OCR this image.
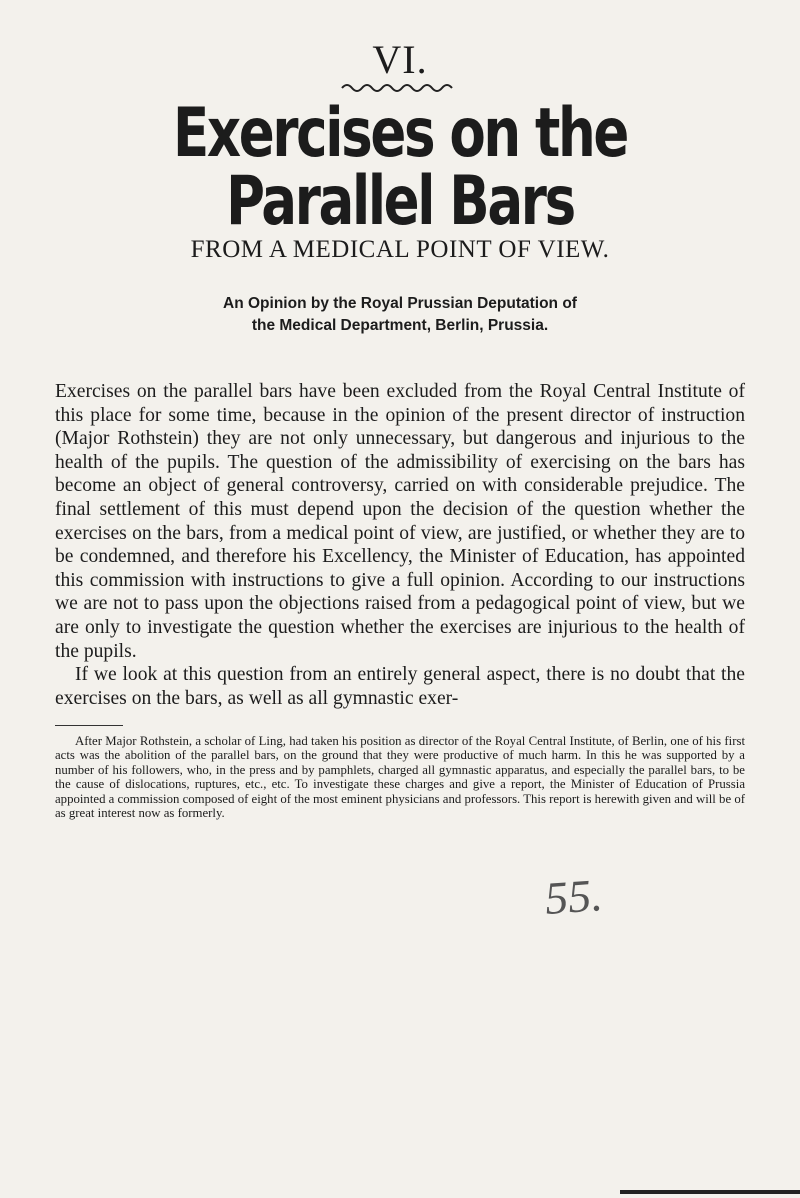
VI.
Exercises on the Parallel Bars
FROM A MEDICAL POINT OF VIEW.
An Opinion by the Royal Prussian Deputation of
the Medical Department, Berlin, Prussia.

Exercises on the parallel bars have been excluded from the Royal Central Institute of this place for some time, because in the opinion of the present director of instruction (Major Rothstein) they are not only unnecessary, but dangerous and injurious to the health of the pupils. The question of the admissibility of exercising on the bars has become an object of general controversy, carried on with considerable prejudice. The final settlement of this must depend upon the decision of the question whether the exercises on the bars, from a medical point of view, are justified, or whether they are to be condemned, and therefore his Excellency, the Minister of Education, has appointed this commission with instructions to give a full opinion. According to our instructions we are not to pass upon the objections raised from a pedagogical point of view, but we are only to investigate the question whether the exercises are injurious to the health of the pupils.

If we look at this question from an entirely general aspect, there is no doubt that the exercises on the bars, as well as all gymnastic exer-

After Major Rothstein, a scholar of Ling, had taken his position as director of the Royal Central Institute, of Berlin, one of his first acts was the abolition of the parallel bars, on the ground that they were productive of much harm. In this he was supported by a number of his followers, who, in the press and by pamphlets, charged all gymnastic apparatus, and especially the parallel bars, to be the cause of dislocations, ruptures, etc., etc. To investigate these charges and give a report, the Minister of Education of Prussia appointed a commission composed of eight of the most eminent physicians and professors. This report is herewith given and will be of as great interest now as formerly.

55.
